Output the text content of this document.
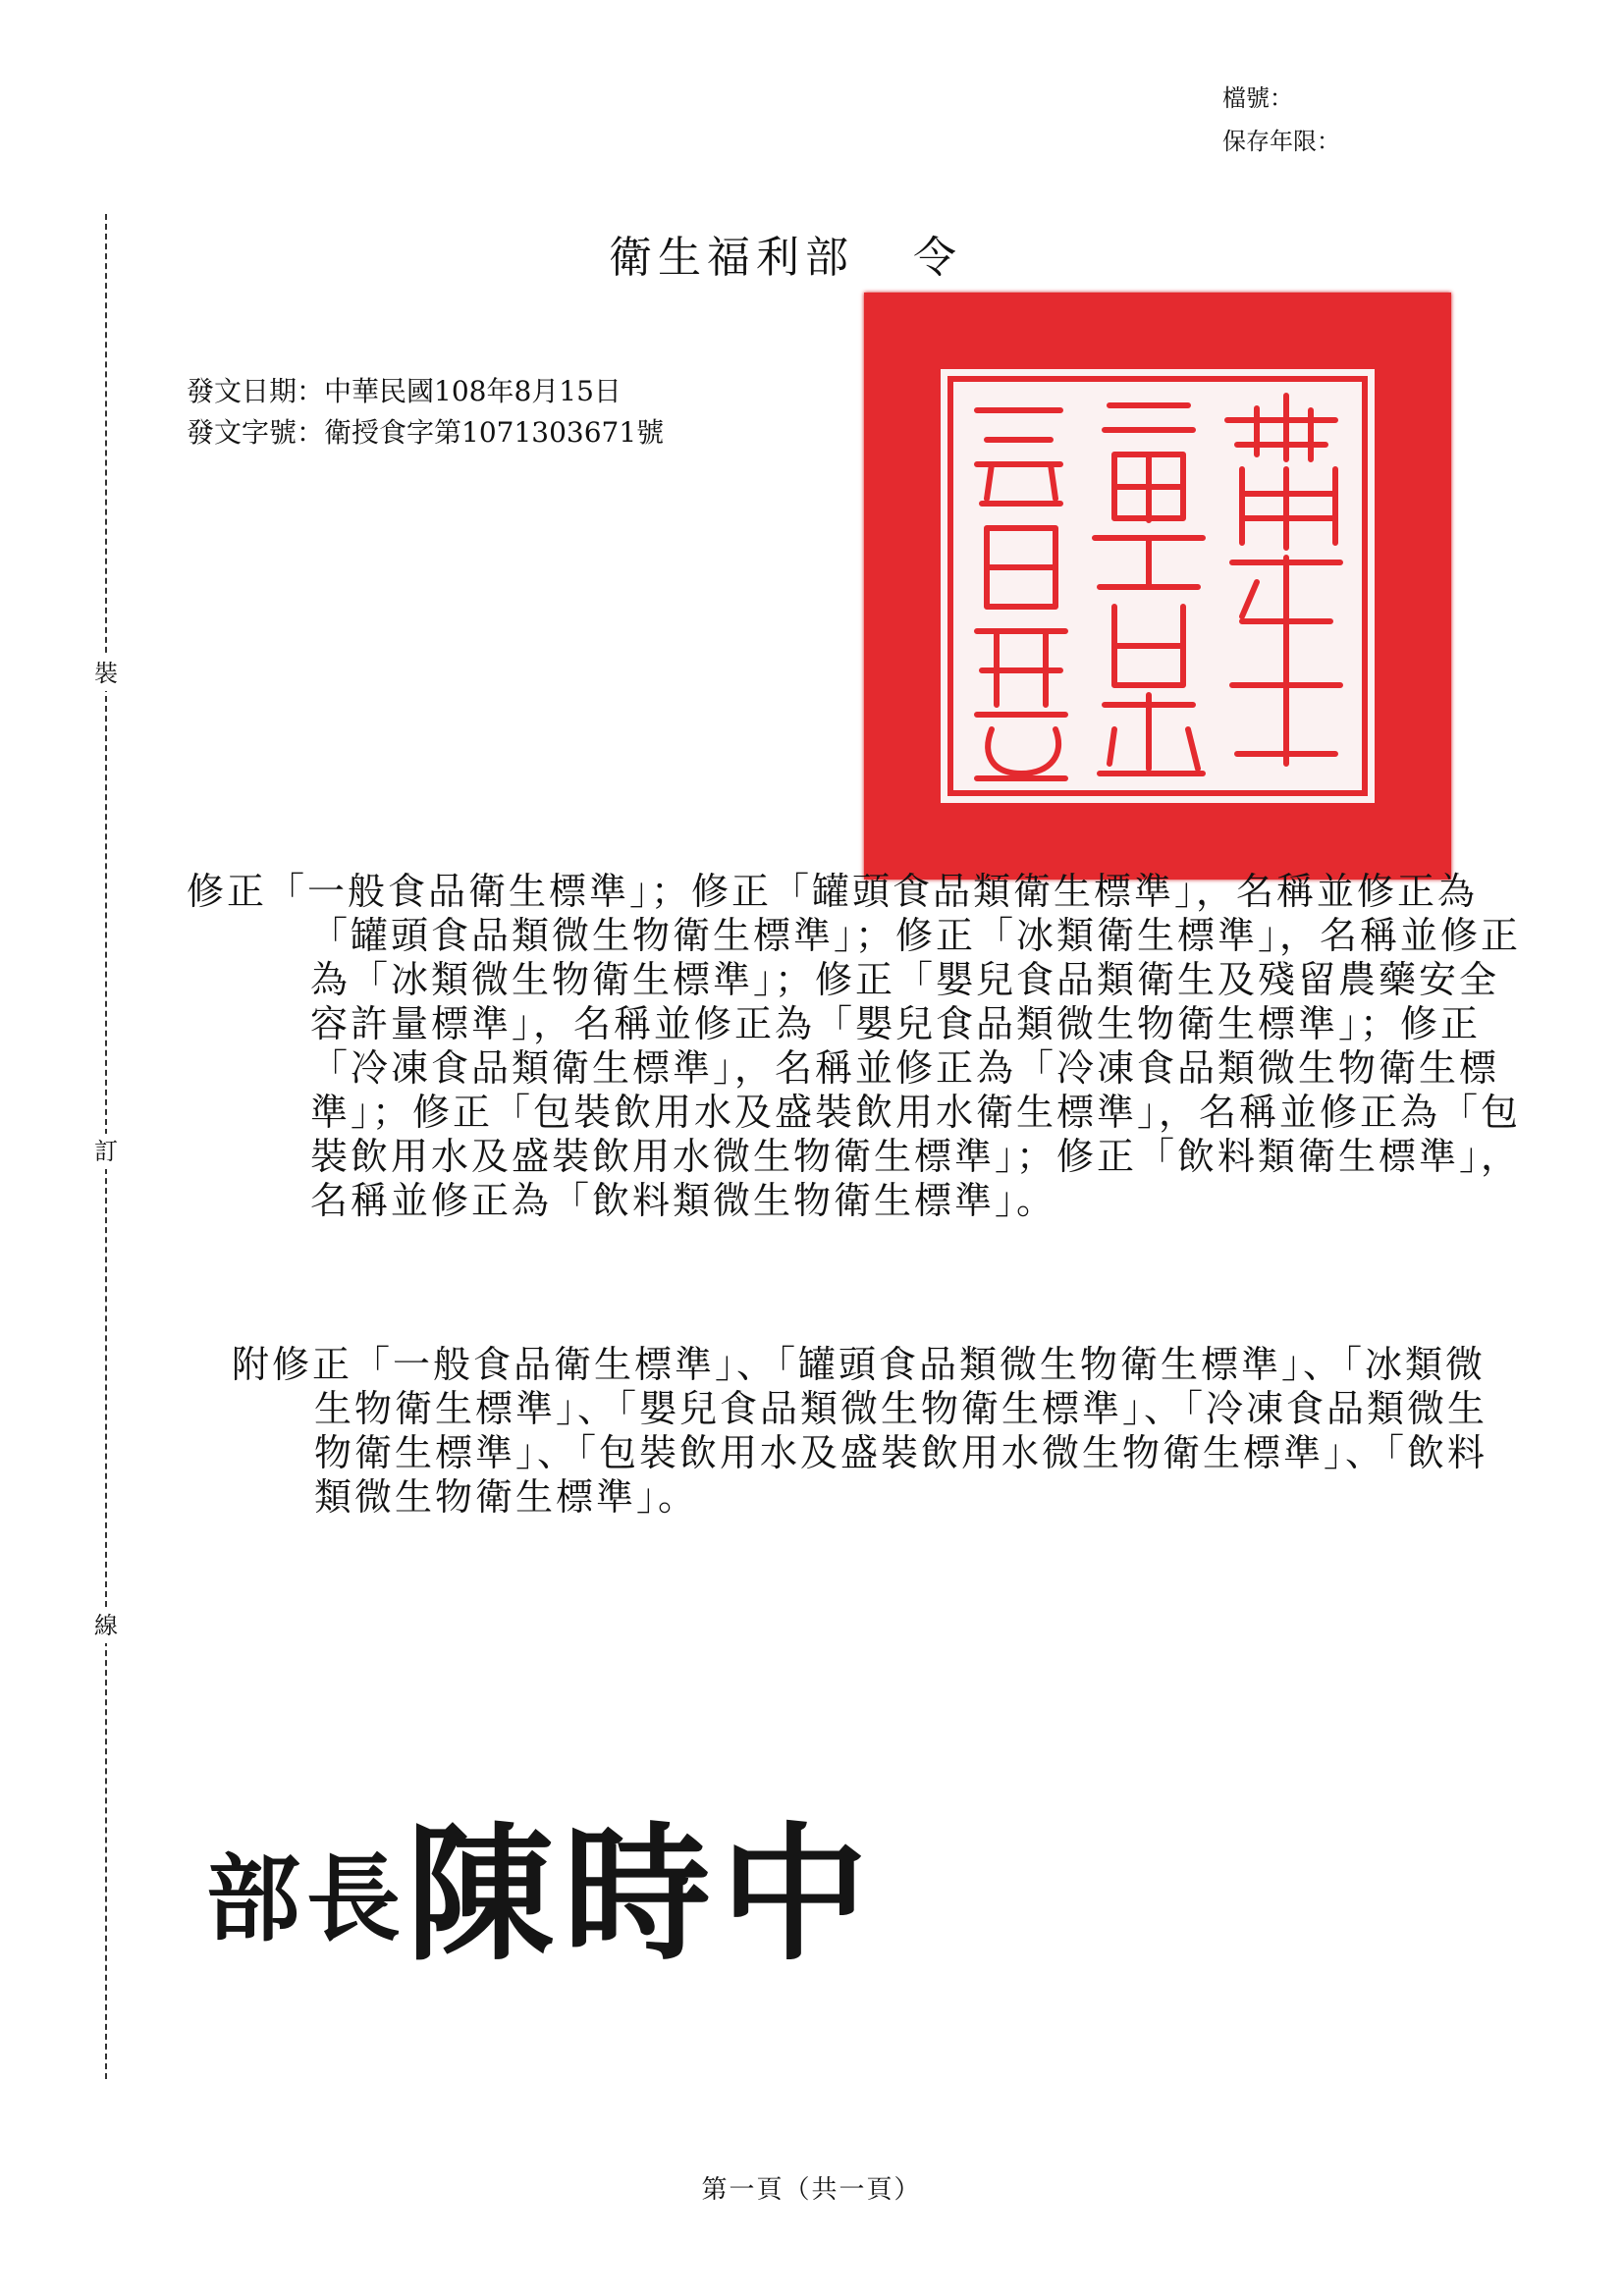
檔號：
保存年限：
裝
訂
線
衛生福利部 令
發文日期：中華民國108年8月15日
發文字號：衛授食字第1071303671號

修正「一般食品衛生標準」；修正「罐頭食品類衛生標準」，名稱並修正為「罐頭食品類微生物衛生標準」；修正「冰類衛生標準」，名稱並修正為「冰類微生物衛生標準」；修正「嬰兒食品類衛生及殘留農藥安全容許量標準」，名稱並修正為「嬰兒食品類微生物衛生標準」；修正「冷凍食品類衛生標準」，名稱並修正為「冷凍食品類微生物衛生標準」；修正「包裝飲用水及盛裝飲用水衛生標準」，名稱並修正為「包裝飲用水及盛裝飲用水微生物衛生標準」；修正「飲料類衛生標準」，名稱並修正為「飲料類微生物衛生標準」。

附修正「一般食品衛生標準」、「罐頭食品類微生物衛生標準」、「冰類微生物衛生標準」、「嬰兒食品類微生物衛生標準」、「冷凍食品類微生物衛生標準」、「包裝飲用水及盛裝飲用水微生物衛生標準」、「飲料類微生物衛生標準」。

部長陳時中
第一頁（共一頁）
